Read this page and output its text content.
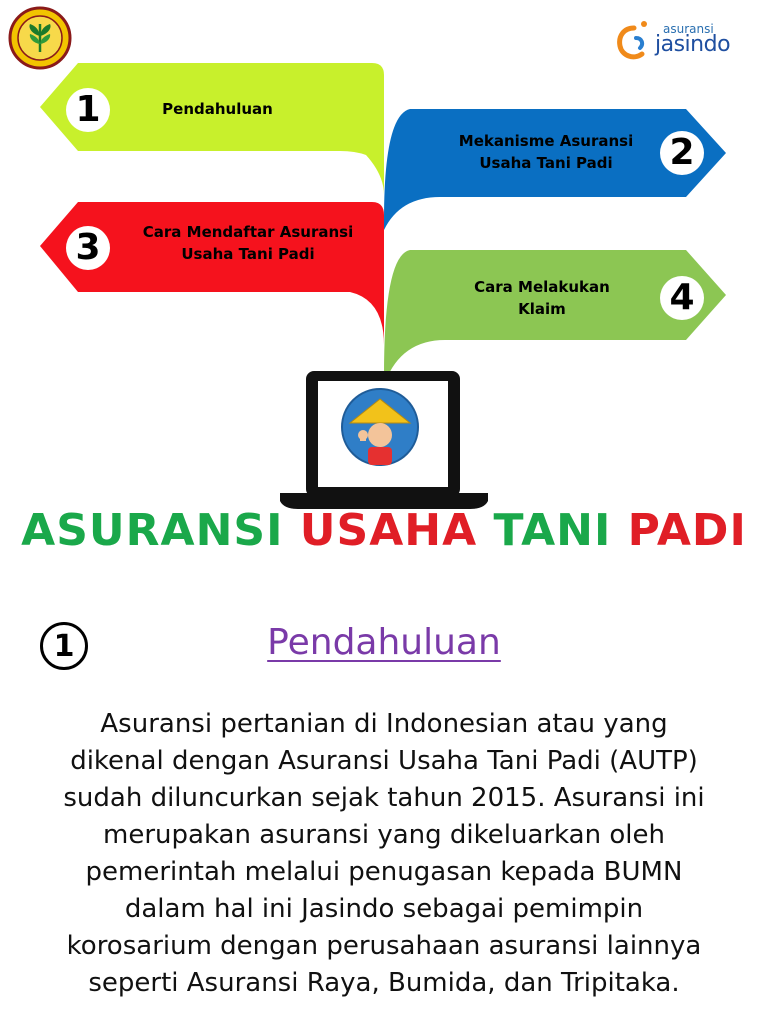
asuransi
jasindo
1	Pendahuluan
2
Mekanisme Asuransi Usaha Tani Padi
3	Cara Mendaftar Asuransi Usaha Tani Padi
4
Cara Melakukan Klaim
ASURANSI USAHA TANI PADI
1	Pendahuluan
Asuransi pertanian di Indonesian atau yang dikenal dengan Asuransi Usaha Tani Padi (AUTP) sudah diluncurkan sejak tahun 2015. Asuransi ini merupakan asuransi yang dikeluarkan oleh pemerintah melalui penugasan kepada BUMN dalam hal ini Jasindo sebagai pemimpin korosarium dengan perusahaan asuransi lainnya seperti Asuransi Raya, Bumida, dan Tripitaka.
